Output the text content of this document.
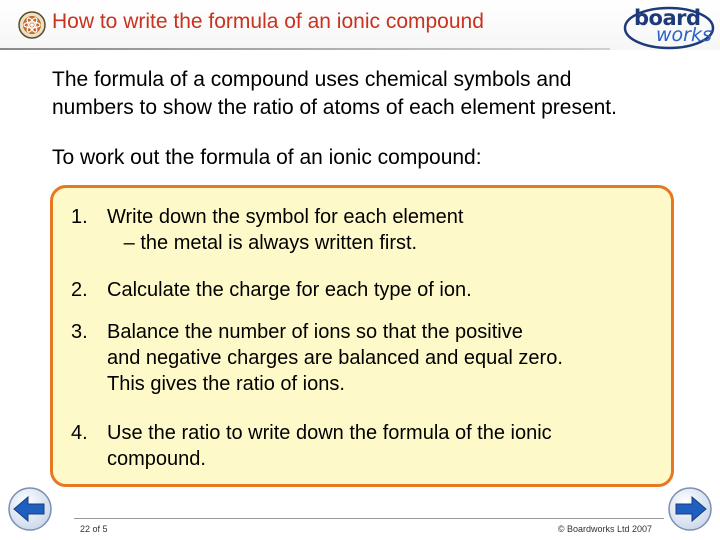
How to write the formula of an ionic compound	board
works

The formula of a compound uses chemical symbols and

numbers to show the ratio of atoms of each element present.

To work out the formula of an ionic compound:
1. Write down the symbol for each element
– the metal is always written first.
2. Calculate the charge for each type of ion.
3. Balance the number of ions so that the positive
and negative charges are balanced and equal zero.
This gives the ratio of ions.
4. Use the ratio to write down the formula of the ionic
compound.
22 of 5	© Boardworks Ltd 2007
